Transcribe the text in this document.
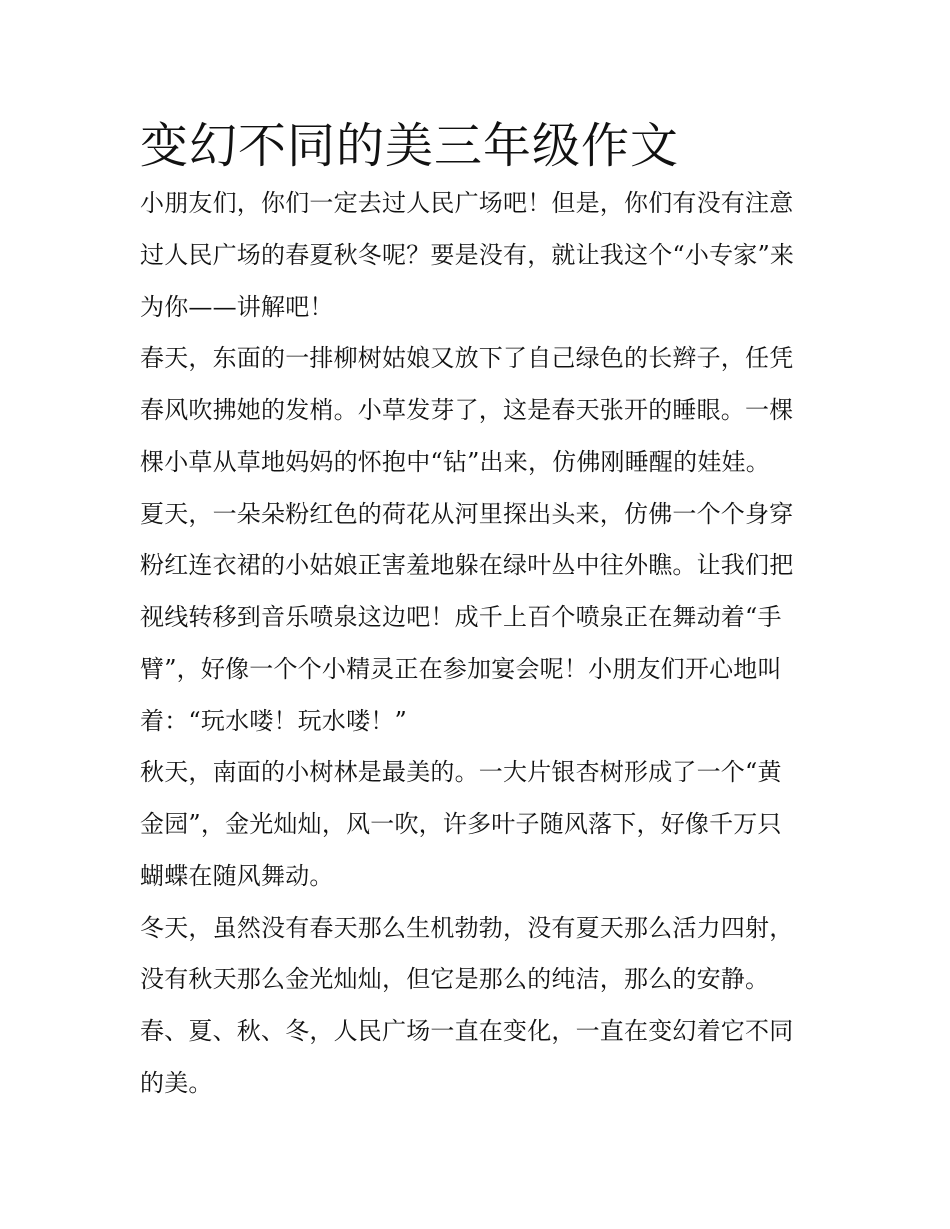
变幻不同的美三年级作文
小朋友们，你们一定去过人民广场吧！但是，你们有没有注意
过人民广场的春夏秋冬呢？要是没有，就让我这个“小专家”来
为你——讲解吧！
春天，东面的一排柳树姑娘又放下了自己绿色的长辫子，任凭
春风吹拂她的发梢。小草发芽了，这是春天张开的睡眼。一棵
棵小草从草地妈妈的怀抱中“钻”出来，仿佛刚睡醒的娃娃。
夏天，一朵朵粉红色的荷花从河里探出头来，仿佛一个个身穿
粉红连衣裙的小姑娘正害羞地躲在绿叶丛中往外瞧。让我们把
视线转移到音乐喷泉这边吧！成千上百个喷泉正在舞动着“手
臂”，好像一个个小精灵正在参加宴会呢！小朋友们开心地叫
着：“玩水喽！玩水喽！”
秋天，南面的小树林是最美的。一大片银杏树形成了一个“黄
金园”，金光灿灿，风一吹，许多叶子随风落下，好像千万只
蝴蝶在随风舞动。
冬天，虽然没有春天那么生机勃勃，没有夏天那么活力四射，
没有秋天那么金光灿灿，但它是那么的纯洁，那么的安静。
春、夏、秋、冬，人民广场一直在变化，一直在变幻着它不同
的美。
